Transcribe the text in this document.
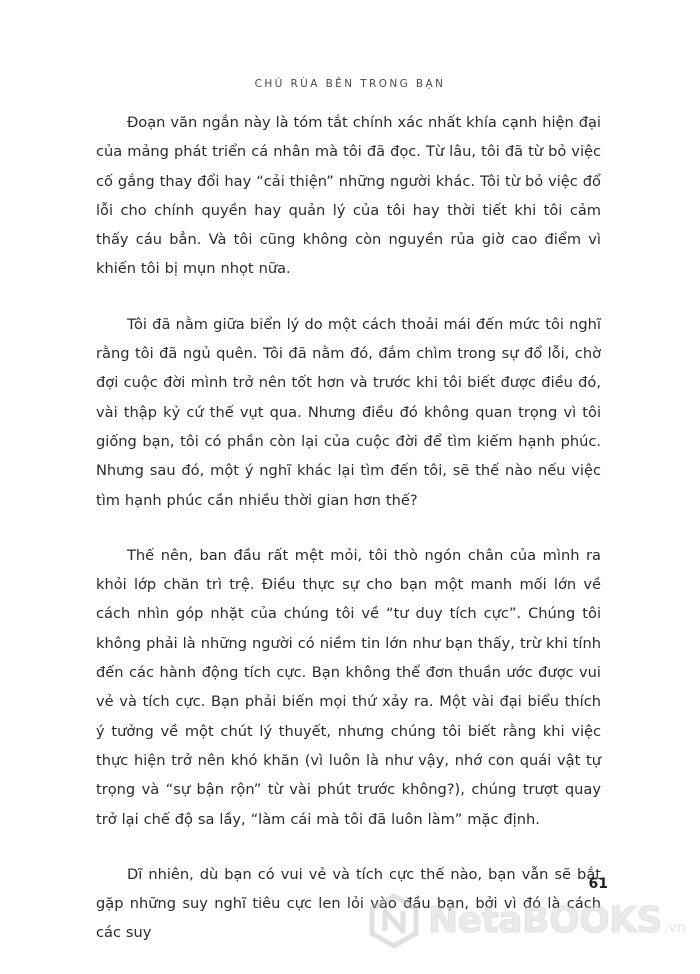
CHÚ RÙA BÊN TRONG BẠN

Đoạn văn ngắn này là tóm tắt chính xác nhất khía cạnh hiện đại của mảng phát triển cá nhân mà tôi đã đọc. Từ lâu, tôi đã từ bỏ việc cố gắng thay đổi hay “cải thiện” những người khác. Tôi từ bỏ việc đổ lỗi cho chính quyền hay quản lý của tôi hay thời tiết khi tôi cảm thấy cáu bẳn. Và tôi cũng không còn nguyền rủa giờ cao điểm vì khiến tôi bị mụn nhọt nữa.

Tôi đã nằm giữa biển lý do một cách thoải mái đến mức tôi nghĩ rằng tôi đã ngủ quên. Tôi đã nằm đó, đắm chìm trong sự đổ lỗi, chờ đợi cuộc đời mình trở nên tốt hơn và trước khi tôi biết được điều đó, vài thập kỷ cứ thế vụt qua. Nhưng điều đó không quan trọng vì tôi giống bạn, tôi có phần còn lại của cuộc đời để tìm kiếm hạnh phúc. Nhưng sau đó, một ý nghĩ khác lại tìm đến tôi, sẽ thế nào nếu việc tìm hạnh phúc cần nhiều thời gian hơn thế?

Thế nên, ban đầu rất mệt mỏi, tôi thò ngón chân của mình ra khỏi lớp chăn trì trệ. Điều thực sự cho bạn một manh mối lớn về cách nhìn góp nhặt của chúng tôi về “tư duy tích cực”. Chúng tôi không phải là những người có niềm tin lớn như bạn thấy, trừ khi tính đến các hành động tích cực. Bạn không thể đơn thuần ước được vui vẻ và tích cực. Bạn phải biến mọi thứ xảy ra. Một vài đại biểu thích ý tưởng về một chút lý thuyết, nhưng chúng tôi biết rằng khi việc thực hiện trở nên khó khăn (vì luôn là như vậy, nhớ con quái vật tự trọng và “sự bận rộn” từ vài phút trước không?), chúng trượt quay trở lại chế độ sa lầy, “làm cái mà tôi đã luôn làm” mặc định.

Dĩ nhiên, dù bạn có vui vẻ và tích cực thế nào, bạn vẫn sẽ bắt gặp những suy nghĩ tiêu cực len lỏi vào đầu bạn, bởi vì đó là cách các suy

61
NetaBOOKS .vn
